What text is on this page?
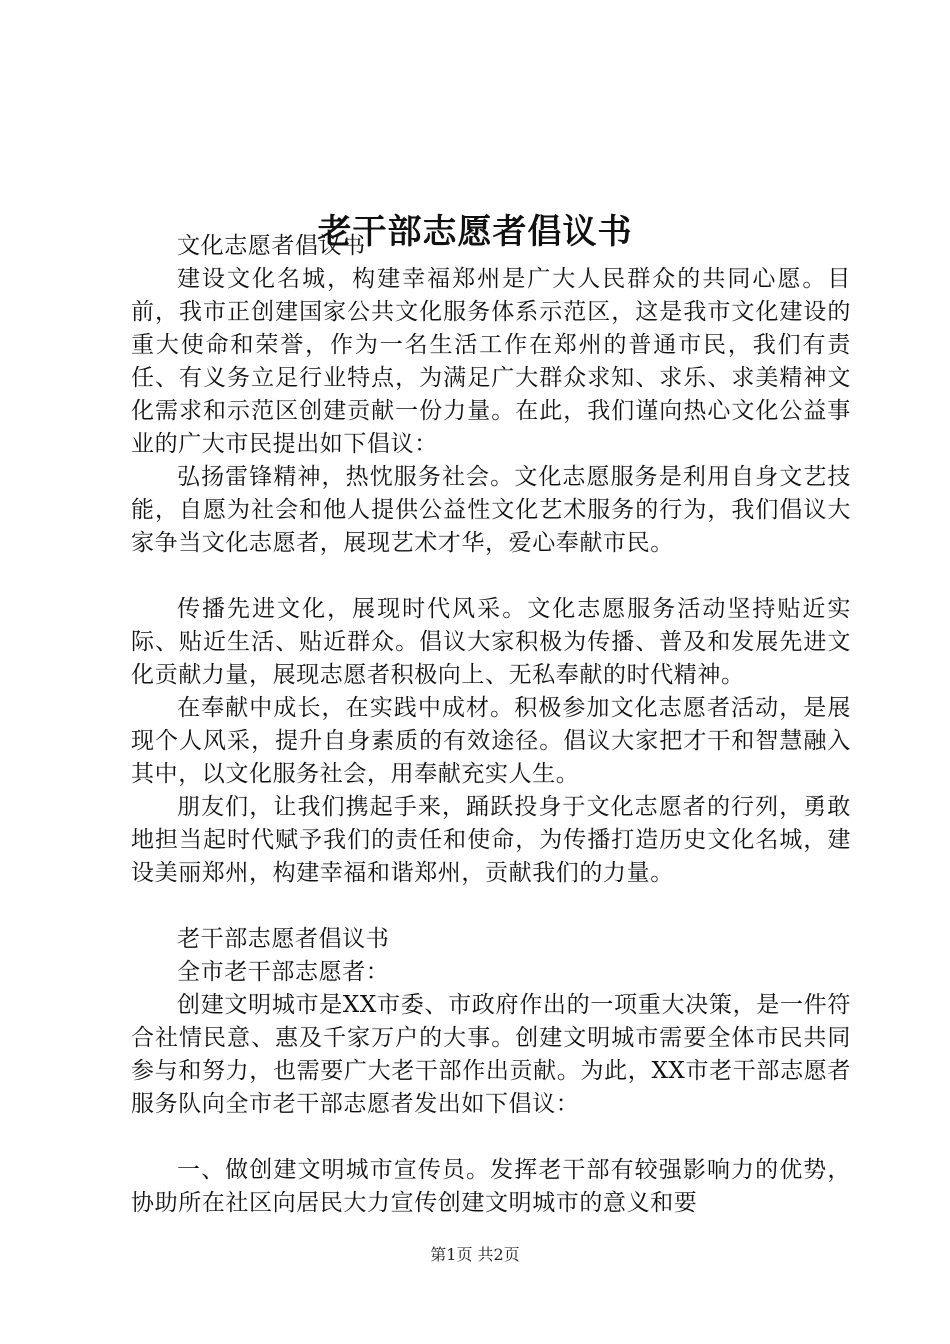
老干部志愿者倡议书

文化志愿者倡议书

建设文化名城，构建幸福郑州是广大人民群众的共同心愿。目前，我市正创建国家公共文化服务体系示范区，这是我市文化建设的重大使命和荣誉，作为一名生活工作在郑州的普通市民，我们有责任、有义务立足行业特点，为满足广大群众求知、求乐、求美精神文化需求和示范区创建贡献一份力量。在此，我们谨向热心文化公益事业的广大市民提出如下倡议：

弘扬雷锋精神，热忱服务社会。文化志愿服务是利用自身文艺技能，自愿为社会和他人提供公益性文化艺术服务的行为，我们倡议大家争当文化志愿者，展现艺术才华，爱心奉献市民。

传播先进文化，展现时代风采。文化志愿服务活动坚持贴近实际、贴近生活、贴近群众。倡议大家积极为传播、普及和发展先进文化贡献力量，展现志愿者积极向上、无私奉献的时代精神。

在奉献中成长，在实践中成材。积极参加文化志愿者活动，是展现个人风采，提升自身素质的有效途径。倡议大家把才干和智慧融入其中，以文化服务社会，用奉献充实人生。

朋友们，让我们携起手来，踊跃投身于文化志愿者的行列，勇敢地担当起时代赋予我们的责任和使命，为传播打造历史文化名城，建设美丽郑州，构建幸福和谐郑州，贡献我们的力量。

老干部志愿者倡议书

全市老干部志愿者：

创建文明城市是XX市委、市政府作出的一项重大决策，是一件符合社情民意、惠及千家万户的大事。创建文明城市需要全体市民共同参与和努力，也需要广大老干部作出贡献。为此，XX市老干部志愿者服务队向全市老干部志愿者发出如下倡议：

一、做创建文明城市宣传员。发挥老干部有较强影响力的优势，协助所在社区向居民大力宣传创建文明城市的意义和要

第1页 共2页
